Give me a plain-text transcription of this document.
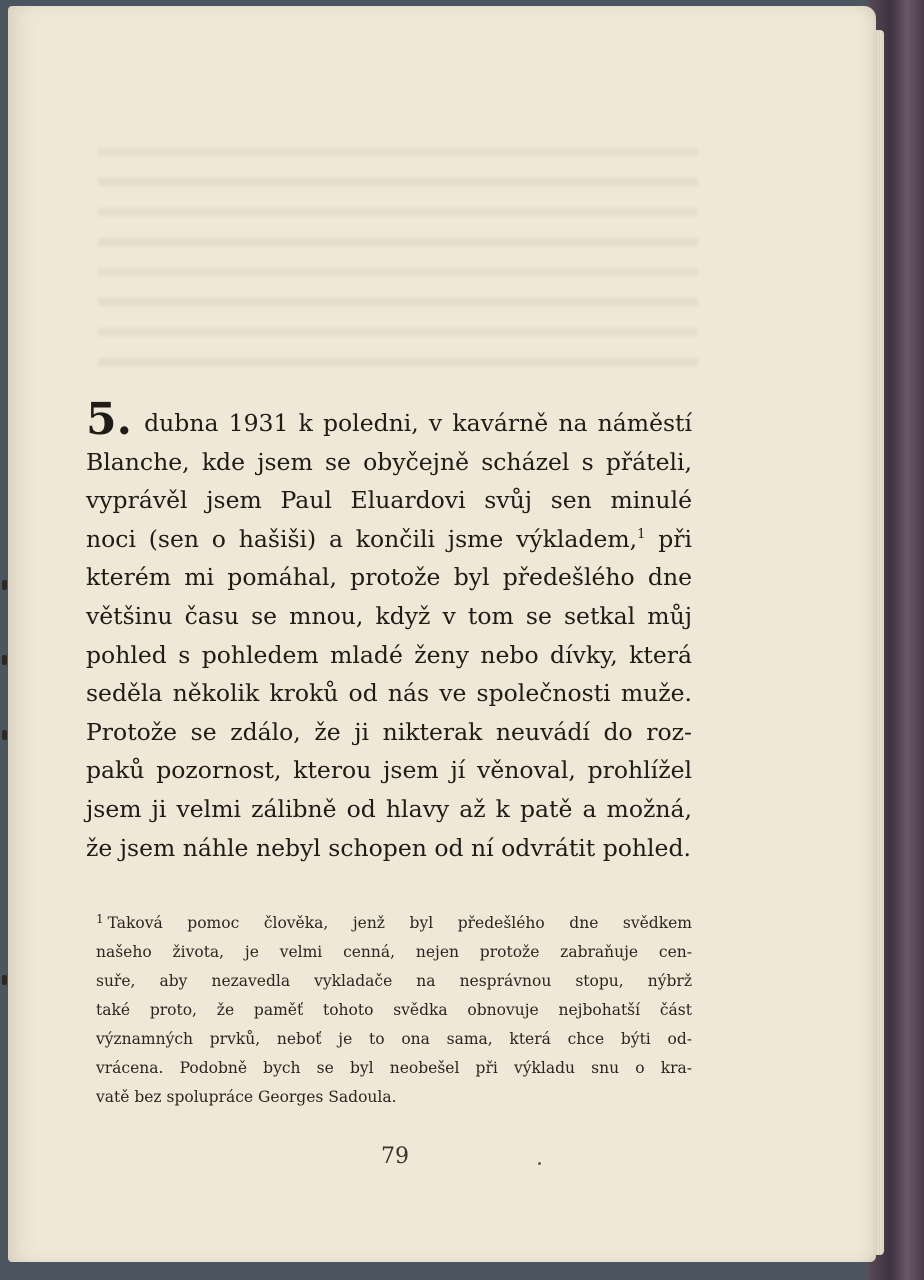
5. dubna 1931 k poledni, v kavárně na náměstí
Blanche, kde jsem se obyčejně scházel s přáteli,
vyprávěl jsem Paul Eluardovi svůj sen minulé
noci (sen o hašiši) a končili jsme výkladem,$^1$ při
kterém mi pomáhal, protože byl předešlého dne
většinu času se mnou, když v tom se setkal můj
pohled s pohledem mladé ženy nebo dívky, která
seděla několik kroků od nás ve společnosti muže.
Protože se zdálo, že ji nikterak neuvádí do roz-
paků pozornost, kterou jsem jí věnoval, prohlížel
jsem ji velmi zálibně od hlavy až k patě a možná,
že jsem náhle nebyl schopen od ní odvrátit pohled.
$^1$ Taková pomoc člověka, jenž byl předešlého dne svědkem
našeho života, je velmi cenná, nejen protože zabraňuje cen-
suře, aby nezavedla vykladače na nesprávnou stopu, nýbrž
také proto, že paměť tohoto svědka obnovuje nejbohatší část
významných prvků, neboť je to ona sama, která chce býti od-
vrácena. Podobně bych se byl neobešel při výkladu snu o kra-
vatě bez spolupráce Georges Sadoula.
79
